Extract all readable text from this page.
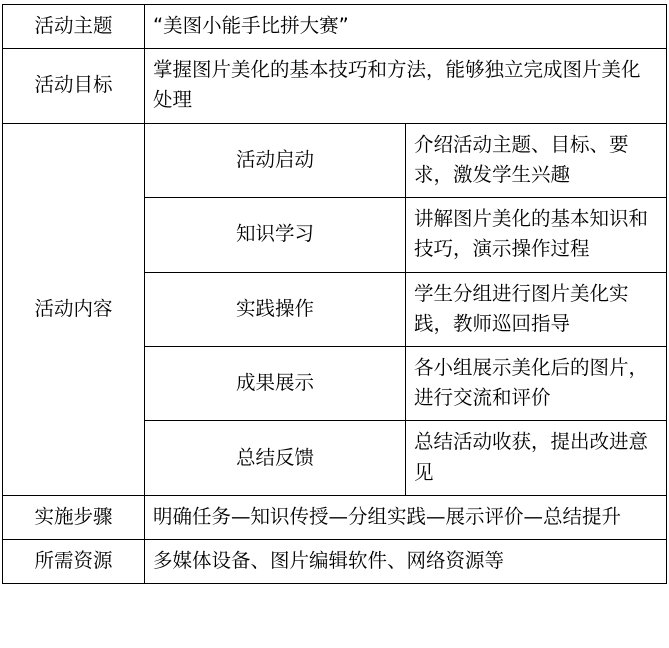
活动主题	“美图小能手比拼大赛”	
活动目标	掌握图片美化的基本技巧和方法，能够独立完成图片美化处理	
活动内容	活动启动	介绍活动主题、目标、要求，激发学生兴趣
	知识学习	讲解图片美化的基本知识和技巧，演示操作过程
	实践操作	学生分组进行图片美化实践，教师巡回指导
	成果展示	各小组展示美化后的图片，进行交流和评价
	总结反馈	总结活动收获，提出改进意见
实施步骤	明确任务—知识传授—分组实践—展示评价—总结提升	
所需资源	多媒体设备、图片编辑软件、网络资源等	
